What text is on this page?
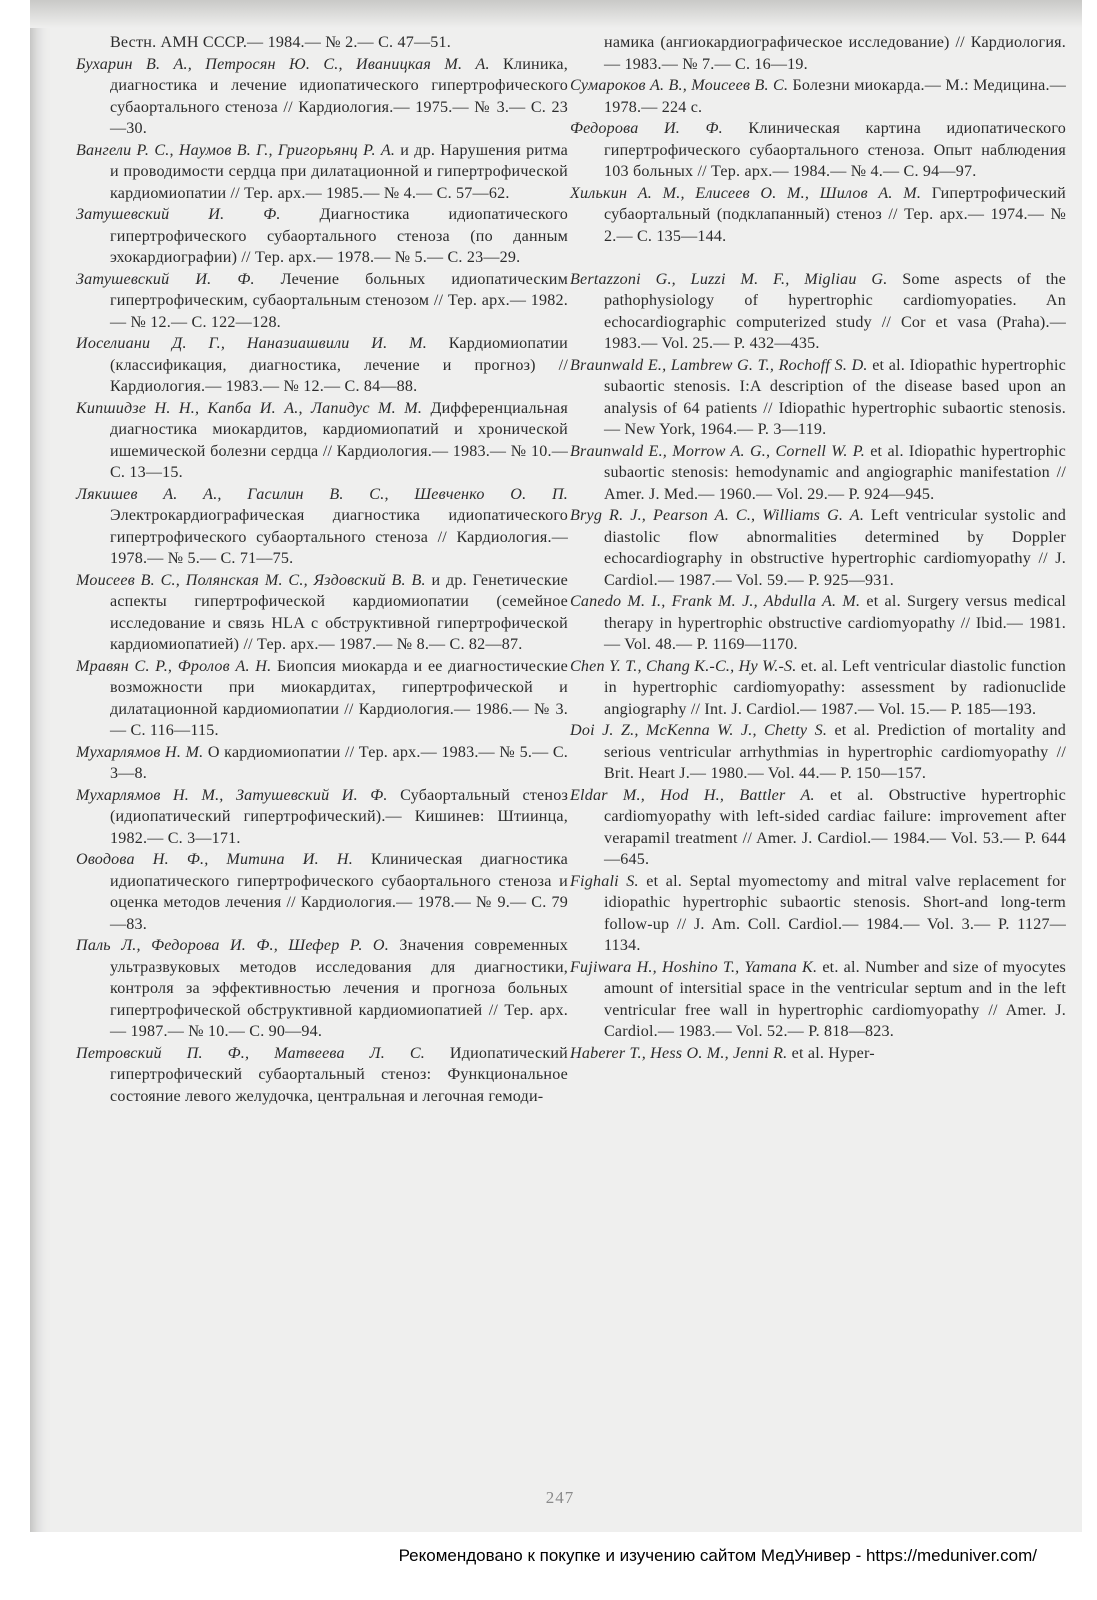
Вестн. АМН СССР.— 1984.— № 2.— С. 47—51.

Бухарин В. А., Петросян Ю. С., Иваницкая М. А. Клиника, диагностика и лечение идиопатического гипертрофического субаортального стеноза // Кардиология.— 1975.— № 3.— С. 23—30.

Вангели Р. С., Наумов В. Г., Григорьянц Р. А. и др. Нарушения ритма и проводимости сердца при дилатационной и гипертрофической кардиомиопатии // Тер. арх.— 1985.— № 4.— С. 57—62.

Затушевский И. Ф. Диагностика идиопатического гипертрофического субаортального стеноза (по данным эхокардиографии) // Тер. арх.— 1978.— № 5.— С. 23—29.

Затушевский И. Ф. Лечение больных идиопатическим гипертрофическим, субаортальным стенозом // Тер. арх.— 1982.— № 12.— С. 122—128.

Иоселиани Д. Г., Наназиашвили И. М. Кардиомиопатии (классификация, диагностика, лечение и прогноз) // Кардиология.— 1983.— № 12.— С. 84—88.

Кипшидзе Н. Н., Капба И. А., Лапидус М. М. Дифференциальная диагностика миокардитов, кардиомиопатий и хронической ишемической болезни сердца // Кардиология.— 1983.— № 10.— С. 13—15.

Лякишев А. А., Гасилин В. С., Шевченко О. П. Электрокардиографическая диагностика идиопатического гипертрофического субаортального стеноза // Кардиология.— 1978.— № 5.— С. 71—75.

Моисеев В. С., Полянская М. С., Яздовский В. В. и др. Генетические аспекты гипертрофической кардиомиопатии (семейное исследование и связь HLA с обструктивной гипертрофической кардиомиопатией) // Тер. арх.— 1987.— № 8.— С. 82—87.

Мравян С. Р., Фролов А. Н. Биопсия миокарда и ее диагностические возможности при миокардитах, гипертрофической и дилатационной кардиомиопатии // Кардиология.— 1986.— № 3.— С. 116—115.

Мухарлямов Н. М. О кардиомиопатии // Тер. арх.— 1983.— № 5.— С. 3—8.

Мухарлямов Н. М., Затушевский И. Ф. Субаортальный стеноз (идиопатический гипертрофический).— Кишинев: Штиинца, 1982.— С. 3—171.

Оводова Н. Ф., Митина И. Н. Клиническая диагностика идиопатического гипертрофического субаортального стеноза и оценка методов лечения // Кардиология.— 1978.— № 9.— С. 79—83.

Паль Л., Федорова И. Ф., Шефер Р. О. Значения современных ультразвуковых методов исследования для диагностики, контроля за эффективностью лечения и прогноза больных гипертрофической обструктивной кардиомиопатией // Тер. арх.— 1987.— № 10.— С. 90—94.

Петровский П. Ф., Матвеева Л. С. Идиопатический гипертрофический субаортальный стеноз: Функциональное состояние левого желудочка, центральная и легочная гемоди-

намика (ангиокардиографическое исследование) // Кардиология.— 1983.— № 7.— С. 16—19.

Сумароков А. В., Моисеев В. С. Болезни миокарда.— М.: Медицина.— 1978.— 224 с.

Федорова И. Ф. Клиническая картина идиопатического гипертрофического субаортального стеноза. Опыт наблюдения 103 больных // Тер. арх.— 1984.— № 4.— С. 94—97.

Хилькин А. М., Елисеев О. М., Шилов А. М. Гипертрофический субаортальный (подклапанный) стеноз // Тер. арх.— 1974.— № 2.— С. 135—144.

Bertazzoni G., Luzzi M. F., Migliau G. Some aspects of the pathophysiology of hypertrophic cardiomyopaties. An echocardiographic computerized study // Cor et vasa (Praha).— 1983.— Vol. 25.— P. 432—435.

Braunwald E., Lambrew G. T., Rochoff S. D. et al. Idiopathic hypertrophic subaortic stenosis. I:A description of the disease based upon an analysis of 64 patients // Idiopathic hypertrophic subaortic stenosis.— New York, 1964.— P. 3—119.

Braunwald E., Morrow A. G., Cornell W. P. et al. Idiopathic hypertrophic subaortic stenosis: hemodynamic and angiographic manifestation // Amer. J. Med.— 1960.— Vol. 29.— P. 924—945.

Bryg R. J., Pearson A. C., Williams G. A. Left ventricular systolic and diastolic flow abnormalities determined by Doppler echocardiography in obstructive hypertrophic cardiomyopathy // J. Cardiol.— 1987.— Vol. 59.— P. 925—931.

Canedo M. I., Frank M. J., Abdulla A. M. et al. Surgery versus medical therapy in hypertrophic obstructive cardiomyopathy // Ibid.— 1981.— Vol. 48.— P. 1169—1170.

Chen Y. T., Chang K.-C., Hy W.-S. et. al. Left ventricular diastolic function in hypertrophic cardiomyopathy: assessment by radionuclide angiography // Int. J. Cardiol.— 1987.— Vol. 15.— P. 185—193.

Doi J. Z., McKenna W. J., Chetty S. et al. Prediction of mortality and serious ventricular arrhythmias in hypertrophic cardiomyopathy // Brit. Heart J.— 1980.— Vol. 44.— P. 150—157.

Eldar M., Hod H., Battler A. et al. Obstructive hypertrophic cardiomyopathy with left-sided cardiac failure: improvement after verapamil treatment // Amer. J. Cardiol.— 1984.— Vol. 53.— P. 644—645.

Fighali S. et al. Septal myomectomy and mitral valve replacement for idiopathic hypertrophic subaortic stenosis. Short-and long-term follow-up // J. Am. Coll. Cardiol.— 1984.— Vol. 3.— P. 1127—1134.

Fujiwara H., Hoshino T., Yamana K. et. al. Number and size of myocytes amount of intersitial space in the ventricular septum and in the left ventricular free wall in hypertrophic cardiomyopathy // Amer. J. Cardiol.— 1983.— Vol. 52.— P. 818—823.

Haberer T., Hess O. M., Jenni R. et al. Hyper-

247
Рекомендовано к покупке и изучению сайтом МедУнивер - https://meduniver.com/
